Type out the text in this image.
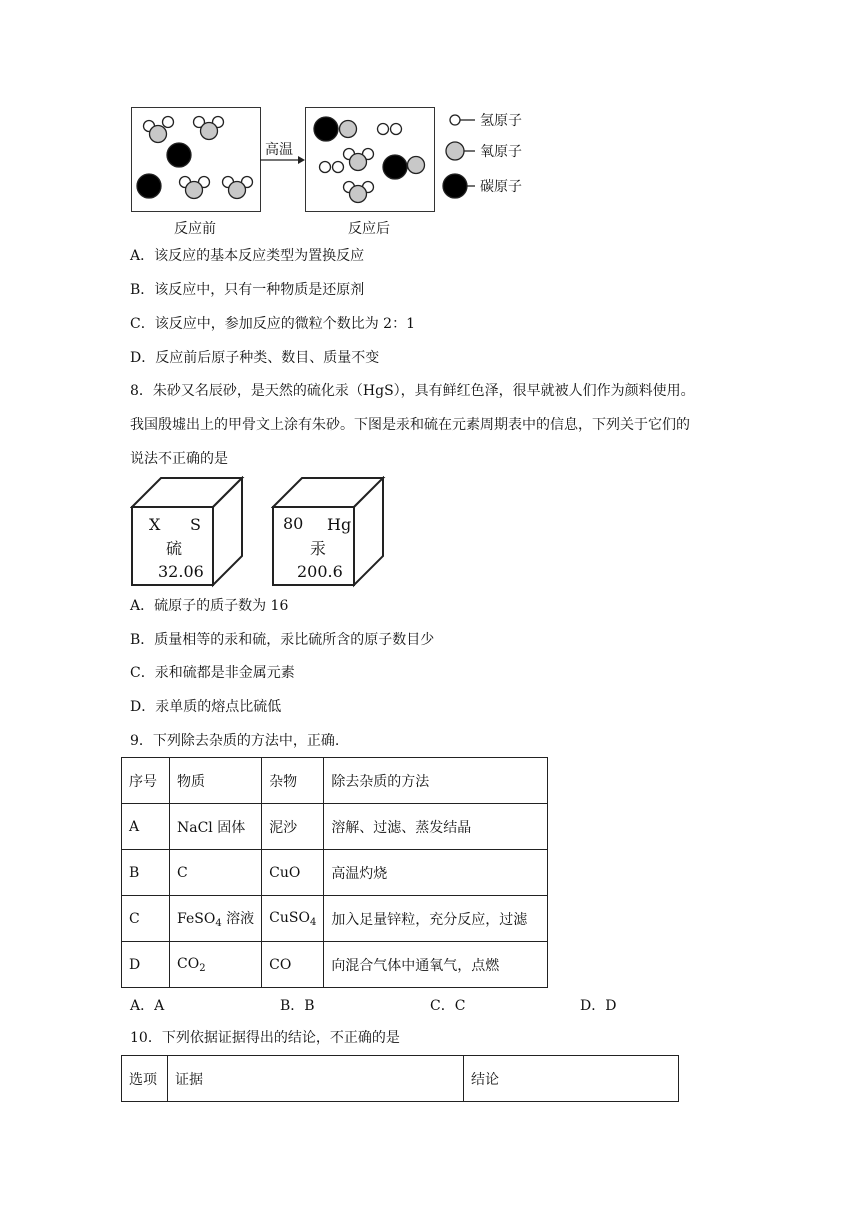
高温
反应前	反应后
氢原子
氧原子
碳原子
A．该反应的基本反应类型为置换反应
B．该反应中，只有一种物质是还原剂
C．该反应中，参加反应的微粒个数比为 2：1
D．反应前后原子种类、数目、质量不变
8．朱砂又名辰砂，是天然的硫化汞（HgS），具有鲜红色泽，很早就被人们作为颜料使用。
我国殷墟出上的甲骨文上涂有朱砂。下图是汞和硫在元素周期表中的信息，下列关于它们的
说法不正确的是
X S
硫
32.06
80 Hg
汞
200.6
A．硫原子的质子数为 16
B．质量相等的汞和硫，汞比硫所含的原子数目少
C．汞和硫都是非金属元素
D．汞单质的熔点比硫低
9．下列除去杂质的方法中，正确.
序号	物质	杂物	除去杂质的方法
A	NaCl 固体	泥沙	溶解、过滤、蒸发结晶
B	C	CuO	高温灼烧
C	FeSO$_4$ 溶液	CuSO$_4$	加入足量锌粒，充分反应，过滤
D	$CO_2$	CO	向混合气体中通氧气，点燃
A．A	B．B	C．C	D．D
10．下列依据证据得出的结论，不正确的是
选项	证据	结论
